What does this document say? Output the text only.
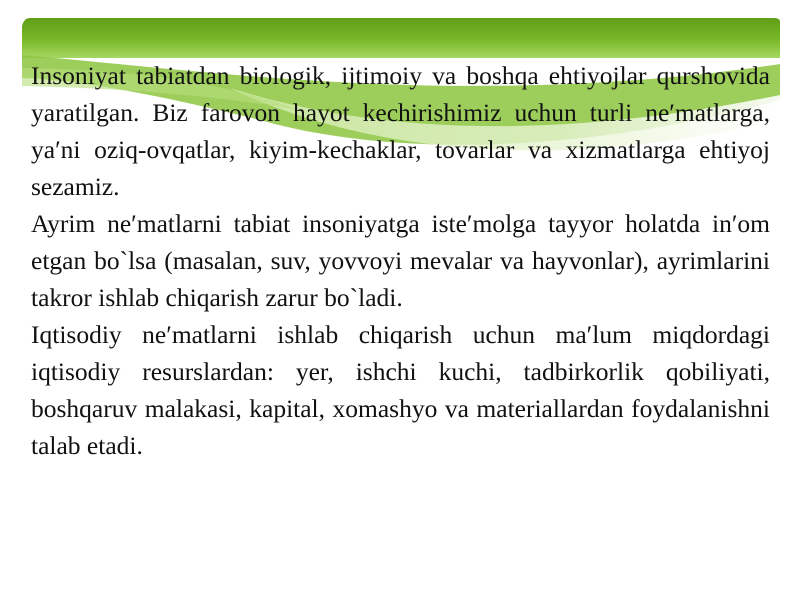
Insoniyat tabiatdan biologik, ijtimoiy va boshqa ehtiyojlar qurshovida yaratilgan. Biz farovon hayot kechirishimiz uchun turli ne′matlarga, ya′ni oziq-ovqatlar, kiyim-kechaklar, tovarlar va xizmatlarga ehtiyoj sezamiz.

Ayrim ne′matlarni tabiat insoniyatga iste′molga tayyor holatda in′om etgan bo`lsa (masalan, suv, yovvoyi mevalar va hayvonlar), ayrimlarini takror ishlab chiqarish zarur bo`ladi.

Iqtisodiy ne′matlarni ishlab chiqarish uchun ma′lum miqdordagi iqtisodiy resurslardan: yer, ishchi kuchi, tadbirkorlik qobiliyati, boshqaruv malakasi, kapital, xomashyo va materiallardan foydalanishni talab etadi.
